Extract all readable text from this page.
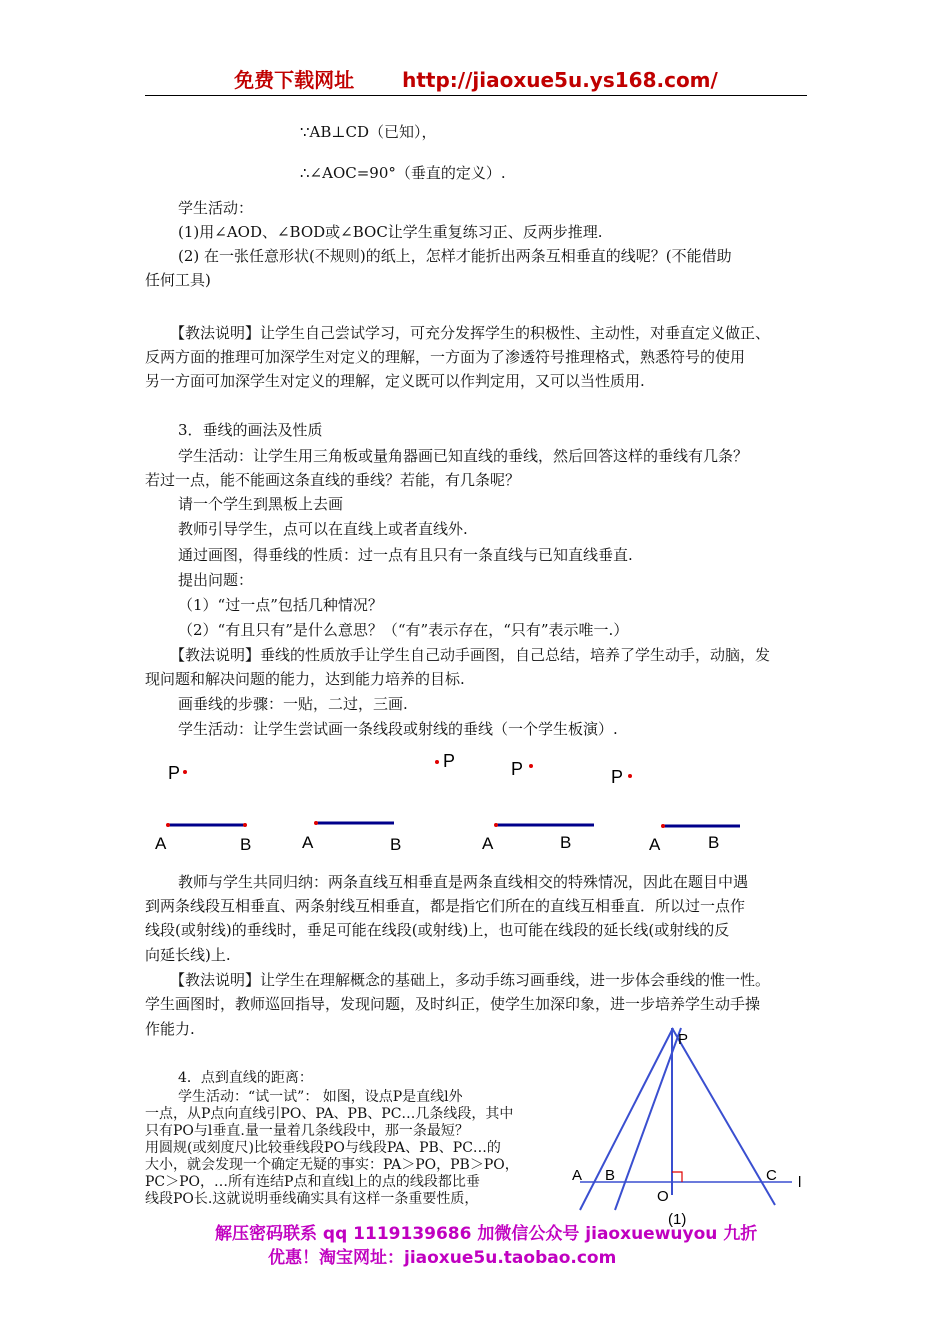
免费下载网址 http://jiaoxue5u.ys168.com/
∵AB⊥CD（已知），
∴∠AOC=90°（垂直的定义）.
学生活动：
(1)用∠AOD、∠BOD或∠BOC让学生重复练习正、反两步推理.
(2) 在一张任意形状(不规则)的纸上，怎样才能折出两条互相垂直的线呢？(不能借助
任何工具)
【教法说明】让学生自己尝试学习，可充分发挥学生的积极性、主动性，对垂直定义做正、
反两方面的推理可加深学生对定义的理解，一方面为了渗透符号推理格式，熟悉符号的使用
另一方面可加深学生对定义的理解，定义既可以作判定用，又可以当性质用.
3．垂线的画法及性质
学生活动：让学生用三角板或量角器画已知直线的垂线，然后回答这样的垂线有几条？
若过一点，能不能画这条直线的垂线？若能，有几条呢？
请一个学生到黑板上去画
教师引导学生，点可以在直线上或者直线外.
通过画图，得垂线的性质：过一点有且只有一条直线与已知直线垂直.
提出问题：
（1）“过一点”包括几种情况？
（2）“有且只有”是什么意思？（“有”表示存在，“只有”表示唯一.）
【教法说明】垂线的性质放手让学生自己动手画图，自己总结，培养了学生动手，动脑，发
现问题和解决问题的能力，达到能力培养的目标.
画垂线的步骤：一贴，二过，三画.
学生活动：让学生尝试画一条线段或射线的垂线（一个学生板演）.
P
A	B
P
A	B
P
A	B
P
A	B
教师与学生共同归纳：两条直线互相垂直是两条直线相交的特殊情况，因此在题目中遇
到两条线段互相垂直、两条射线互相垂直，都是指它们所在的直线互相垂直．所以过一点作
线段(或射线)的垂线时，垂足可能在线段(或射线)上，也可能在线段的延长线(或射线的反
向延长线)上.
【教法说明】让学生在理解概念的基础上，多动手练习画垂线，进一步体会垂线的惟一性。
学生画图时，教师巡回指导，发现问题，及时纠正，使学生加深印象，进一步培养学生动手操
作能力.
4．点到直线的距离：
学生活动：“试一试”： 如图，设点P是直线l外
一点，从P点向直线引PO、PA、PB、PC…几条线段，其中
只有PO与l垂直.量一量着几条线段中，那一条最短？
用圆规(或刻度尺)比较垂线段PO与线段PA、PB、PC…的
大小，就会发现一个确定无疑的事实：PA＞PO，PB＞PO，
PC＞PO，…所有连结P点和直线l上的点的线段都比垂
线段PO长.这就说明垂线确实具有这样一条重要性质，
P
A B	C l
O
(1)
解压密码联系 qq 1119139686 加微信公众号 jiaoxuewuyou 九折
优惠！淘宝网址：jiaoxue5u.taobao.com
